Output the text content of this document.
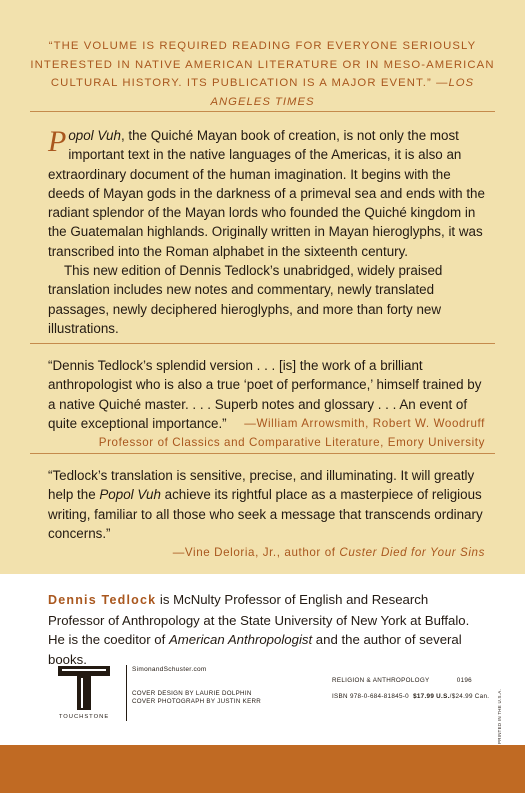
“THE VOLUME IS REQUIRED READING FOR EVERYONE SERIOUSLY INTERESTED IN NATIVE AMERICAN LITERATURE OR IN MESO-AMERICAN CULTURAL HISTORY. ITS PUBLICATION IS A MAJOR EVENT.” —LOS ANGELES TIMES

Popol Vuh, the Quiché Mayan book of creation, is not only the most important text in the native languages of the Americas, it is also an extraordinary document of the human imagination. It begins with the deeds of Mayan gods in the darkness of a primeval sea and ends with the radiant splendor of the Mayan lords who founded the Quiché kingdom in the Guatemalan highlands. Originally written in Mayan hieroglyphs, it was transcribed into the Roman alphabet in the sixteenth century.

This new edition of Dennis Tedlock’s unabridged, widely praised translation includes new notes and commentary, newly translated passages, newly deciphered hieroglyphs, and more than forty new illustrations.

“Dennis Tedlock’s splendid version . . . [is] the work of a brilliant anthropologist who is also a true ‘poet of performance,’ himself trained by a native Quiché master. . . . Superb notes and glossary . . . An event of quite exceptional importance.”	—William Arrowsmith, Robert W. Woodruff
Professor of Classics and Comparative Literature, Emory University
“Tedlock’s translation is sensitive, precise, and illuminating. It will greatly help the Popol Vuh achieve its rightful place as a masterpiece of religious writing, familiar to all those who seek a message that transcends ordinary concerns.”
—Vine Deloria, Jr., author of Custer Died for Your Sins
Dennis Tedlock is McNulty Professor of English and Research Professor of Anthropology at the State University of New York at Buffalo. He is the coeditor of American Anthropologist and the author of several books.
TOUCHSTONE
SimonandSchuster.com
COVER DESIGN BY LAURIE DOLPHIN
COVER PHOTOGRAPH BY JUSTIN KERR
RELIGION & ANTHROPOLOGY	0196
ISBN 978-0-684-81845-0 $17.99 U.S./$24.99 Can. PRINTED IN THE U.S.A.
